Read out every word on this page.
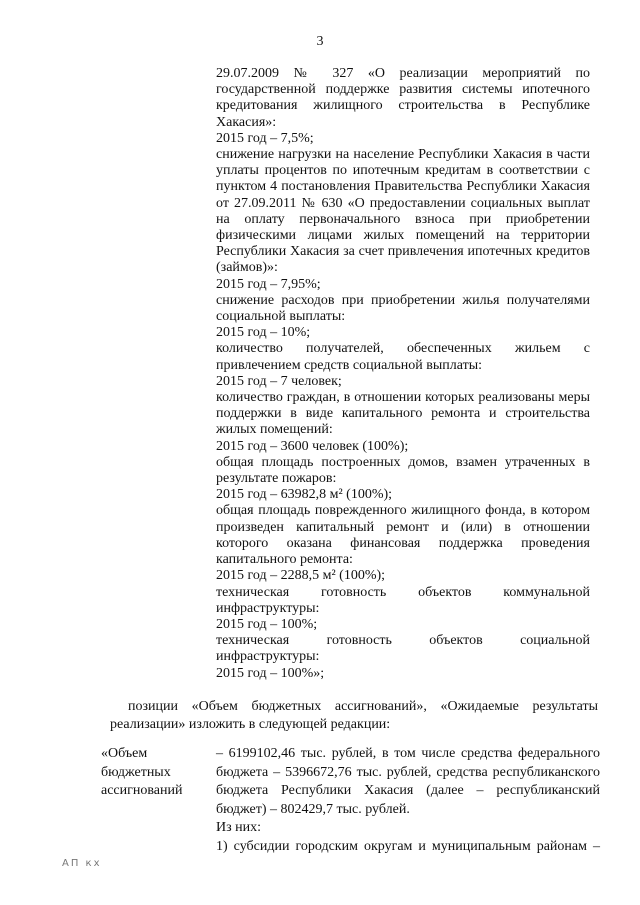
3

29.07.2009 № 327 «О реализации мероприятий по

государственной поддержке развития системы ипотечного

кредитования жилищного строительства в Республике

Хакасия»:

2015 год – 7,5%;

снижение нагрузки на население Республики Хакасия в части

уплаты процентов по ипотечным кредитам в соответствии с

пунктом 4 постановления Правительства Республики Хакасия

от 27.09.2011 № 630 «О предоставлении социальных выплат

на оплату первоначального взноса при приобретении

физическими лицами жилых помещений на территории

Республики Хакасия за счет привлечения ипотечных кредитов

(займов)»:

2015 год – 7,95%;

снижение расходов при приобретении жилья получателями

социальной выплаты:

2015 год – 10%;

количество получателей, обеспеченных жильем с

привлечением средств социальной выплаты:

2015 год – 7 человек;

количество граждан, в отношении которых реализованы меры

поддержки в виде капитального ремонта и строительства

жилых помещений:

2015 год – 3600 человек (100%);

общая площадь построенных домов, взамен утраченных в

результате пожаров:

2015 год – 63982,8 м² (100%);

общая площадь поврежденного жилищного фонда, в котором

произведен капитальный ремонт и (или) в отношении

которого оказана финансовая поддержка проведения

капитального ремонта:

2015 год – 2288,5 м² (100%);

техническая готовность объектов коммунальной

инфраструктуры:

2015 год – 100%;

техническая готовность объектов социальной

инфраструктуры:

2015 год – 100%»;

позиции «Объем бюджетных ассигнований», «Ожидаемые результаты

реализации» изложить в следующей редакции:

«Объем
бюджетных
ассигнований

– 6199102,46 тыс. рублей, в том числе средства федерального

бюджета – 5396672,76 тыс. рублей, средства республиканского

бюджета Республики Хакасия (далее – республиканский

бюджет) – 802429,7 тыс. рублей.

Из них:

1) субсидии городским округам и муниципальным районам –

АП кх
